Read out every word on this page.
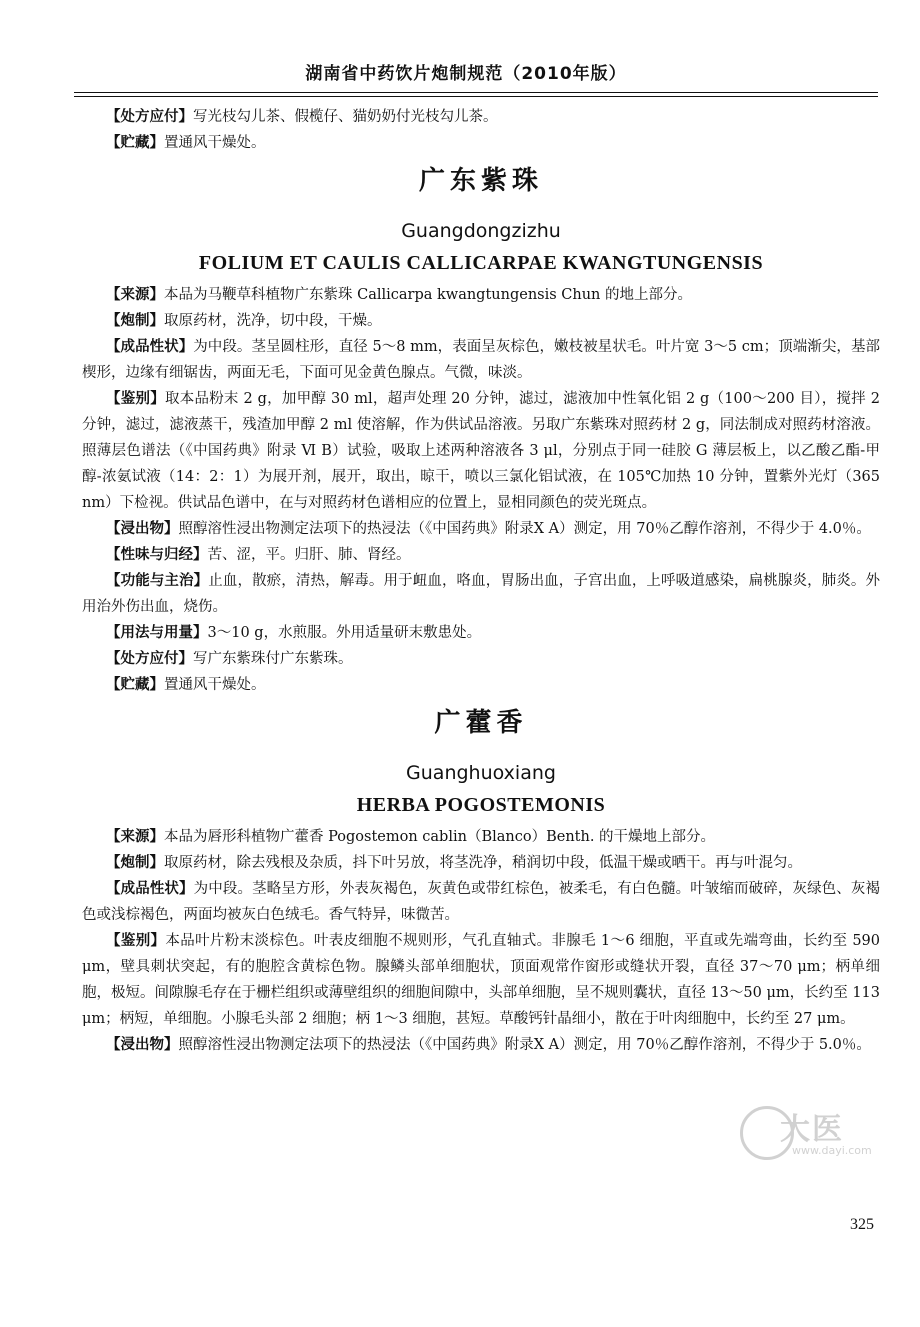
湖南省中药饮片炮制规范（2010年版）

【处方应付】写光枝勾儿茶、假榄仔、猫奶奶付光枝勾儿茶。

【贮藏】置通风干燥处。

广东紫珠
Guangdongzizhu
FOLIUM ET CAULIS CALLICARPAE KWANGTUNGENSIS

【来源】本品为马鞭草科植物广东紫珠 Callicarpa kwangtungensis Chun 的地上部分。

【炮制】取原药材，洗净，切中段，干燥。

【成品性状】为中段。茎呈圆柱形，直径 5～8 mm，表面呈灰棕色，嫩枝被星状毛。叶片宽 3～5 cm；顶端渐尖，基部楔形，边缘有细锯齿，两面无毛，下面可见金黄色腺点。气微，味淡。

【鉴别】取本品粉末 2 g，加甲醇 30 ml，超声处理 20 分钟，滤过，滤液加中性氧化铝 2 g（100～200 目），搅拌 2 分钟，滤过，滤液蒸干，残渣加甲醇 2 ml 使溶解，作为供试品溶液。另取广东紫珠对照药材 2 g，同法制成对照药材溶液。照薄层色谱法（《中国药典》附录 Ⅵ B）试验，吸取上述两种溶液各 3 μl，分别点于同一硅胶 G 薄层板上，以乙酸乙酯-甲醇-浓氨试液（14：2：1）为展开剂，展开，取出，晾干，喷以三氯化铝试液，在 105℃加热 10 分钟，置紫外光灯（365 nm）下检视。供试品色谱中，在与对照药材色谱相应的位置上，显相同颜色的荧光斑点。

【浸出物】照醇溶性浸出物测定法项下的热浸法（《中国药典》附录Ⅹ A）测定，用 70％乙醇作溶剂，不得少于 4.0％。

【性味与归经】苦、涩，平。归肝、肺、肾经。

【功能与主治】止血，散瘀，清热，解毒。用于衄血，咯血，胃肠出血，子宫出血，上呼吸道感染，扁桃腺炎，肺炎。外用治外伤出血，烧伤。

【用法与用量】3～10 g，水煎服。外用适量研末敷患处。

【处方应付】写广东紫珠付广东紫珠。

【贮藏】置通风干燥处。

广藿香
Guanghuoxiang
HERBA POGOSTEMONIS

【来源】本品为唇形科植物广藿香 Pogostemon cablin（Blanco）Benth. 的干燥地上部分。

【炮制】取原药材，除去残根及杂质，抖下叶另放，将茎洗净，稍润切中段，低温干燥或晒干。再与叶混匀。

【成品性状】为中段。茎略呈方形，外表灰褐色，灰黄色或带红棕色，被柔毛，有白色髓。叶皱缩而破碎，灰绿色、灰褐色或浅棕褐色，两面均被灰白色绒毛。香气特异，味微苦。

【鉴别】本品叶片粉末淡棕色。叶表皮细胞不规则形，气孔直轴式。非腺毛 1～6 细胞，平直或先端弯曲，长约至 590 μm，壁具刺状突起，有的胞腔含黄棕色物。腺鳞头部单细胞状，顶面观常作窗形或缝状开裂，直径 37～70 μm；柄单细胞，极短。间隙腺毛存在于栅栏组织或薄壁组织的细胞间隙中，头部单细胞，呈不规则囊状，直径 13～50 μm，长约至 113 μm；柄短，单细胞。小腺毛头部 2 细胞；柄 1～3 细胞，甚短。草酸钙针晶细小，散在于叶肉细胞中，长约至 27 μm。

【浸出物】照醇溶性浸出物测定法项下的热浸法（《中国药典》附录Ⅹ A）测定，用 70％乙醇作溶剂，不得少于 5.0％。

大医
www.dayi.com
325
